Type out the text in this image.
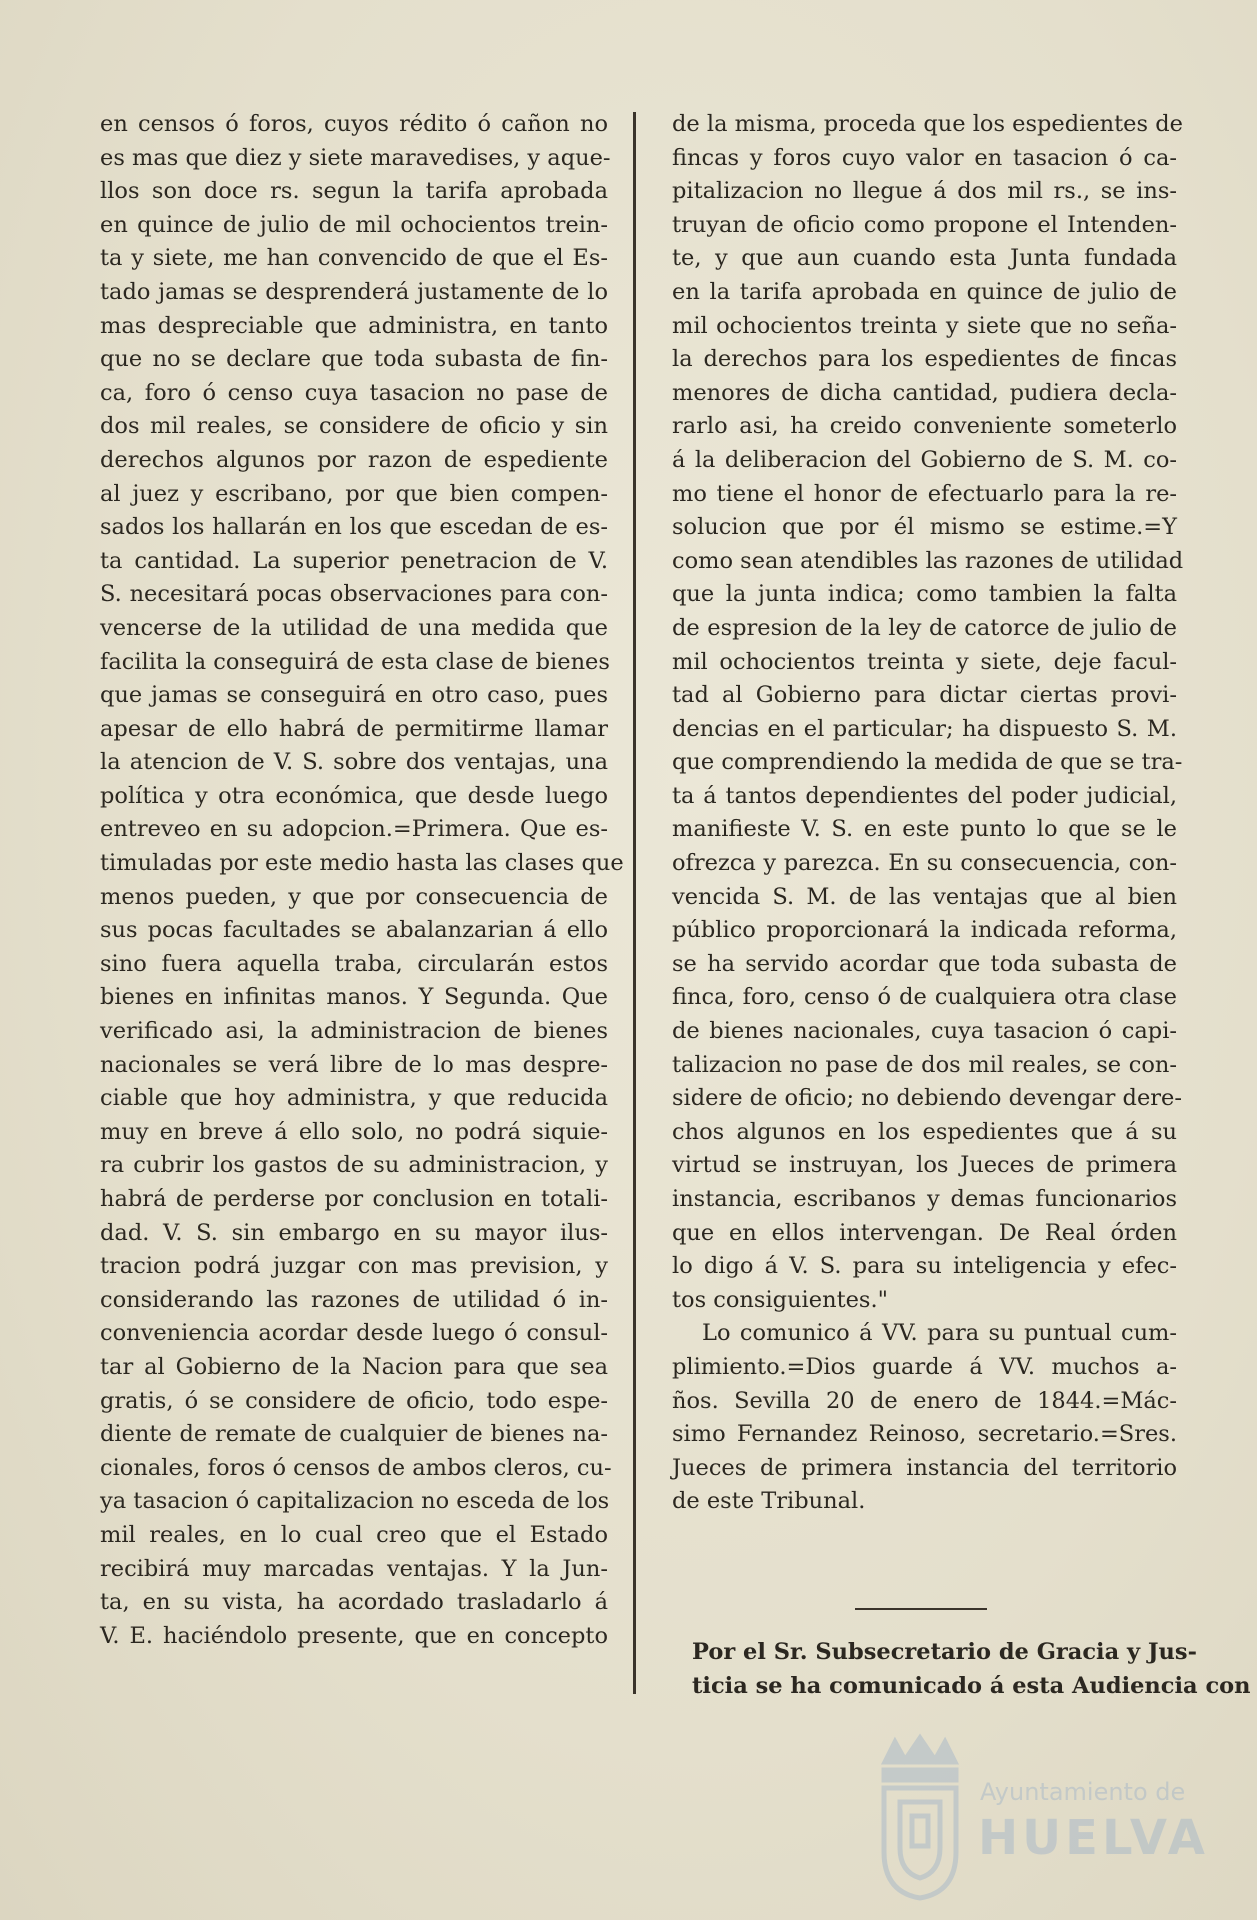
en censos ó foros, cuyos rédito ó cañon no
es mas que diez y siete maravedises, y aque-
llos son doce rs. segun la tarifa aprobada
en quince de julio de mil ochocientos trein-
ta y siete, me han convencido de que el Es-
tado jamas se desprenderá justamente de lo
mas despreciable que administra, en tanto
que no se declare que toda subasta de fin-
ca, foro ó censo cuya tasacion no pase de
dos mil reales, se considere de oficio y sin
derechos algunos por razon de espediente
al juez y escribano, por que bien compen-
sados los hallarán en los que escedan de es-
ta cantidad. La superior penetracion de V.
S. necesitará pocas observaciones para con-
vencerse de la utilidad de una medida que
facilita la conseguirá de esta clase de bienes
que jamas se conseguirá en otro caso, pues
apesar de ello habrá de permitirme llamar
la atencion de V. S. sobre dos ventajas, una
política y otra económica, que desde luego
entreveo en su adopcion.=Primera. Que es-
timuladas por este medio hasta las clases que
menos pueden, y que por consecuencia de
sus pocas facultades se abalanzarian á ello
sino fuera aquella traba, circularán estos
bienes en infinitas manos. Y Segunda. Que
verificado asi, la administracion de bienes
nacionales se verá libre de lo mas despre-
ciable que hoy administra, y que reducida
muy en breve á ello solo, no podrá siquie-
ra cubrir los gastos de su administracion, y
habrá de perderse por conclusion en totali-
dad. V. S. sin embargo en su mayor ilus-
tracion podrá juzgar con mas prevision, y
considerando las razones de utilidad ó in-
conveniencia acordar desde luego ó consul-
tar al Gobierno de la Nacion para que sea
gratis, ó se considere de oficio, todo espe-
diente de remate de cualquier de bienes na-
cionales, foros ó censos de ambos cleros, cu-
ya tasacion ó capitalizacion no esceda de los
mil reales, en lo cual creo que el Estado
recibirá muy marcadas ventajas. Y la Jun-
ta, en su vista, ha acordado trasladarlo á
V. E. haciéndolo presente, que en concepto
de la misma, proceda que los espedientes de
fincas y foros cuyo valor en tasacion ó ca-
pitalizacion no llegue á dos mil rs., se ins-
truyan de oficio como propone el Intenden-
te, y que aun cuando esta Junta fundada
en la tarifa aprobada en quince de julio de
mil ochocientos treinta y siete que no seña-
la derechos para los espedientes de fincas
menores de dicha cantidad, pudiera decla-
rarlo asi, ha creido conveniente someterlo
á la deliberacion del Gobierno de S. M. co-
mo tiene el honor de efectuarlo para la re-
solucion que por él mismo se estime.=Y
como sean atendibles las razones de utilidad
que la junta indica; como tambien la falta
de espresion de la ley de catorce de julio de
mil ochocientos treinta y siete, deje facul-
tad al Gobierno para dictar ciertas provi-
dencias en el particular; ha dispuesto S. M.
que comprendiendo la medida de que se tra-
ta á tantos dependientes del poder judicial,
manifieste V. S. en este punto lo que se le
ofrezca y parezca. En su consecuencia, con-
vencida S. M. de las ventajas que al bien
público proporcionará la indicada reforma,
se ha servido acordar que toda subasta de
finca, foro, censo ó de cualquiera otra clase
de bienes nacionales, cuya tasacion ó capi-
talizacion no pase de dos mil reales, se con-
sidere de oficio; no debiendo devengar dere-
chos algunos en los espedientes que á su
virtud se instruyan, los Jueces de primera
instancia, escribanos y demas funcionarios
que en ellos intervengan. De Real órden
lo digo á V. S. para su inteligencia y efec-
tos consiguientes."
Lo comunico á VV. para su puntual cum-
plimiento.=Dios guarde á VV. muchos a-
ños. Sevilla 20 de enero de 1844.=Mác-
simo Fernandez Reinoso, secretario.=Sres.
Jueces de primera instancia del territorio
de este Tribunal.
Por el Sr. Subsecretario de Gracia y Jus-
ticia se ha comunicado á esta Audiencia con
Ayuntamiento de
HUELVA
